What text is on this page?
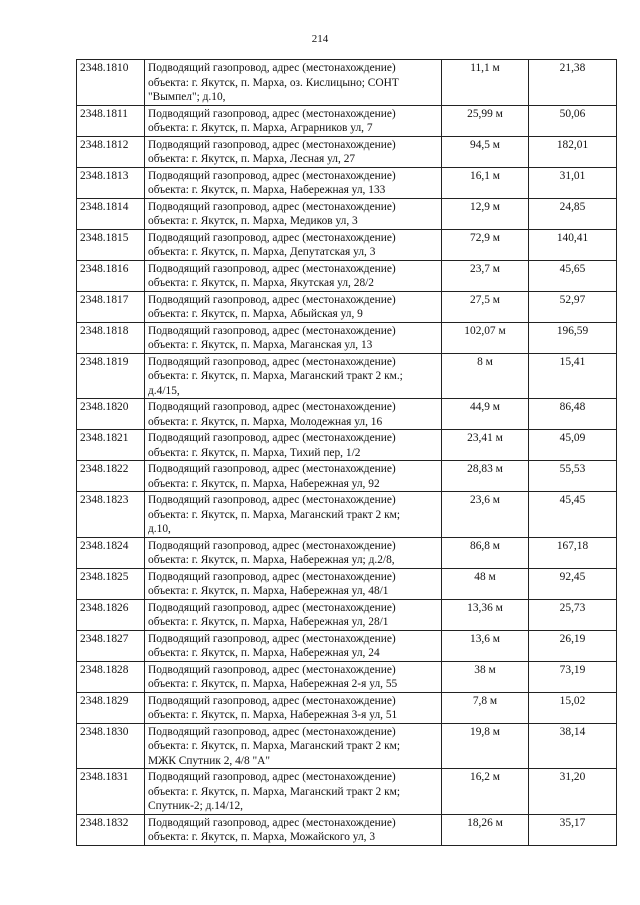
214
2348.1810	Подводящий газопровод, адрес (местонахождение)
объекта: г. Якутск, п. Марха, оз. Кислицыно; СОНТ
"Вымпел"; д.10,	11,1 м	21,38
2348.1811	Подводящий газопровод, адрес (местонахождение)
объекта: г. Якутск, п. Марха, Аграрников ул, 7	25,99 м	50,06
2348.1812	Подводящий газопровод, адрес (местонахождение)
объекта: г. Якутск, п. Марха, Лесная ул, 27	94,5 м	182,01
2348.1813	Подводящий газопровод, адрес (местонахождение)
объекта: г. Якутск, п. Марха, Набережная ул, 133	16,1 м	31,01
2348.1814	Подводящий газопровод, адрес (местонахождение)
объекта: г. Якутск, п. Марха, Медиков ул, 3	12,9 м	24,85
2348.1815	Подводящий газопровод, адрес (местонахождение)
объекта: г. Якутск, п. Марха, Депутатская ул, 3	72,9 м	140,41
2348.1816	Подводящий газопровод, адрес (местонахождение)
объекта: г. Якутск, п. Марха, Якутская ул, 28/2	23,7 м	45,65
2348.1817	Подводящий газопровод, адрес (местонахождение)
объекта: г. Якутск, п. Марха, Абыйская ул, 9	27,5 м	52,97
2348.1818	Подводящий газопровод, адрес (местонахождение)
объекта: г. Якутск, п. Марха, Маганская ул, 13	102,07 м	196,59
2348.1819	Подводящий газопровод, адрес (местонахождение)
объекта: г. Якутск, п. Марха, Маганский тракт 2 км.;
д.4/15,	8 м	15,41
2348.1820	Подводящий газопровод, адрес (местонахождение)
объекта: г. Якутск, п. Марха, Молодежная ул, 16	44,9 м	86,48
2348.1821	Подводящий газопровод, адрес (местонахождение)
объекта: г. Якутск, п. Марха, Тихий пер, 1/2	23,41 м	45,09
2348.1822	Подводящий газопровод, адрес (местонахождение)
объекта: г. Якутск, п. Марха, Набережная ул, 92	28,83 м	55,53
2348.1823	Подводящий газопровод, адрес (местонахождение)
объекта: г. Якутск, п. Марха, Маганский тракт 2 км;
д.10,	23,6 м	45,45
2348.1824	Подводящий газопровод, адрес (местонахождение)
объекта: г. Якутск, п. Марха, Набережная ул; д.2/8,	86,8 м	167,18
2348.1825	Подводящий газопровод, адрес (местонахождение)
объекта: г. Якутск, п. Марха, Набережная ул, 48/1	48 м	92,45
2348.1826	Подводящий газопровод, адрес (местонахождение)
объекта: г. Якутск, п. Марха, Набережная ул, 28/1	13,36 м	25,73
2348.1827	Подводящий газопровод, адрес (местонахождение)
объекта: г. Якутск, п. Марха, Набережная ул, 24	13,6 м	26,19
2348.1828	Подводящий газопровод, адрес (местонахождение)
объекта: г. Якутск, п. Марха, Набережная 2-я ул, 55	38 м	73,19
2348.1829	Подводящий газопровод, адрес (местонахождение)
объекта: г. Якутск, п. Марха, Набережная 3-я ул, 51	7,8 м	15,02
2348.1830	Подводящий газопровод, адрес (местонахождение)
объекта: г. Якутск, п. Марха, Маганский тракт 2 км;
МЖК Спутник 2, 4/8 "А"	19,8 м	38,14
2348.1831	Подводящий газопровод, адрес (местонахождение)
объекта: г. Якутск, п. Марха, Маганский тракт 2 км;
Спутник-2; д.14/12,	16,2 м	31,20
2348.1832	Подводящий газопровод, адрес (местонахождение)
объекта: г. Якутск, п. Марха, Можайского ул, 3	18,26 м	35,17
